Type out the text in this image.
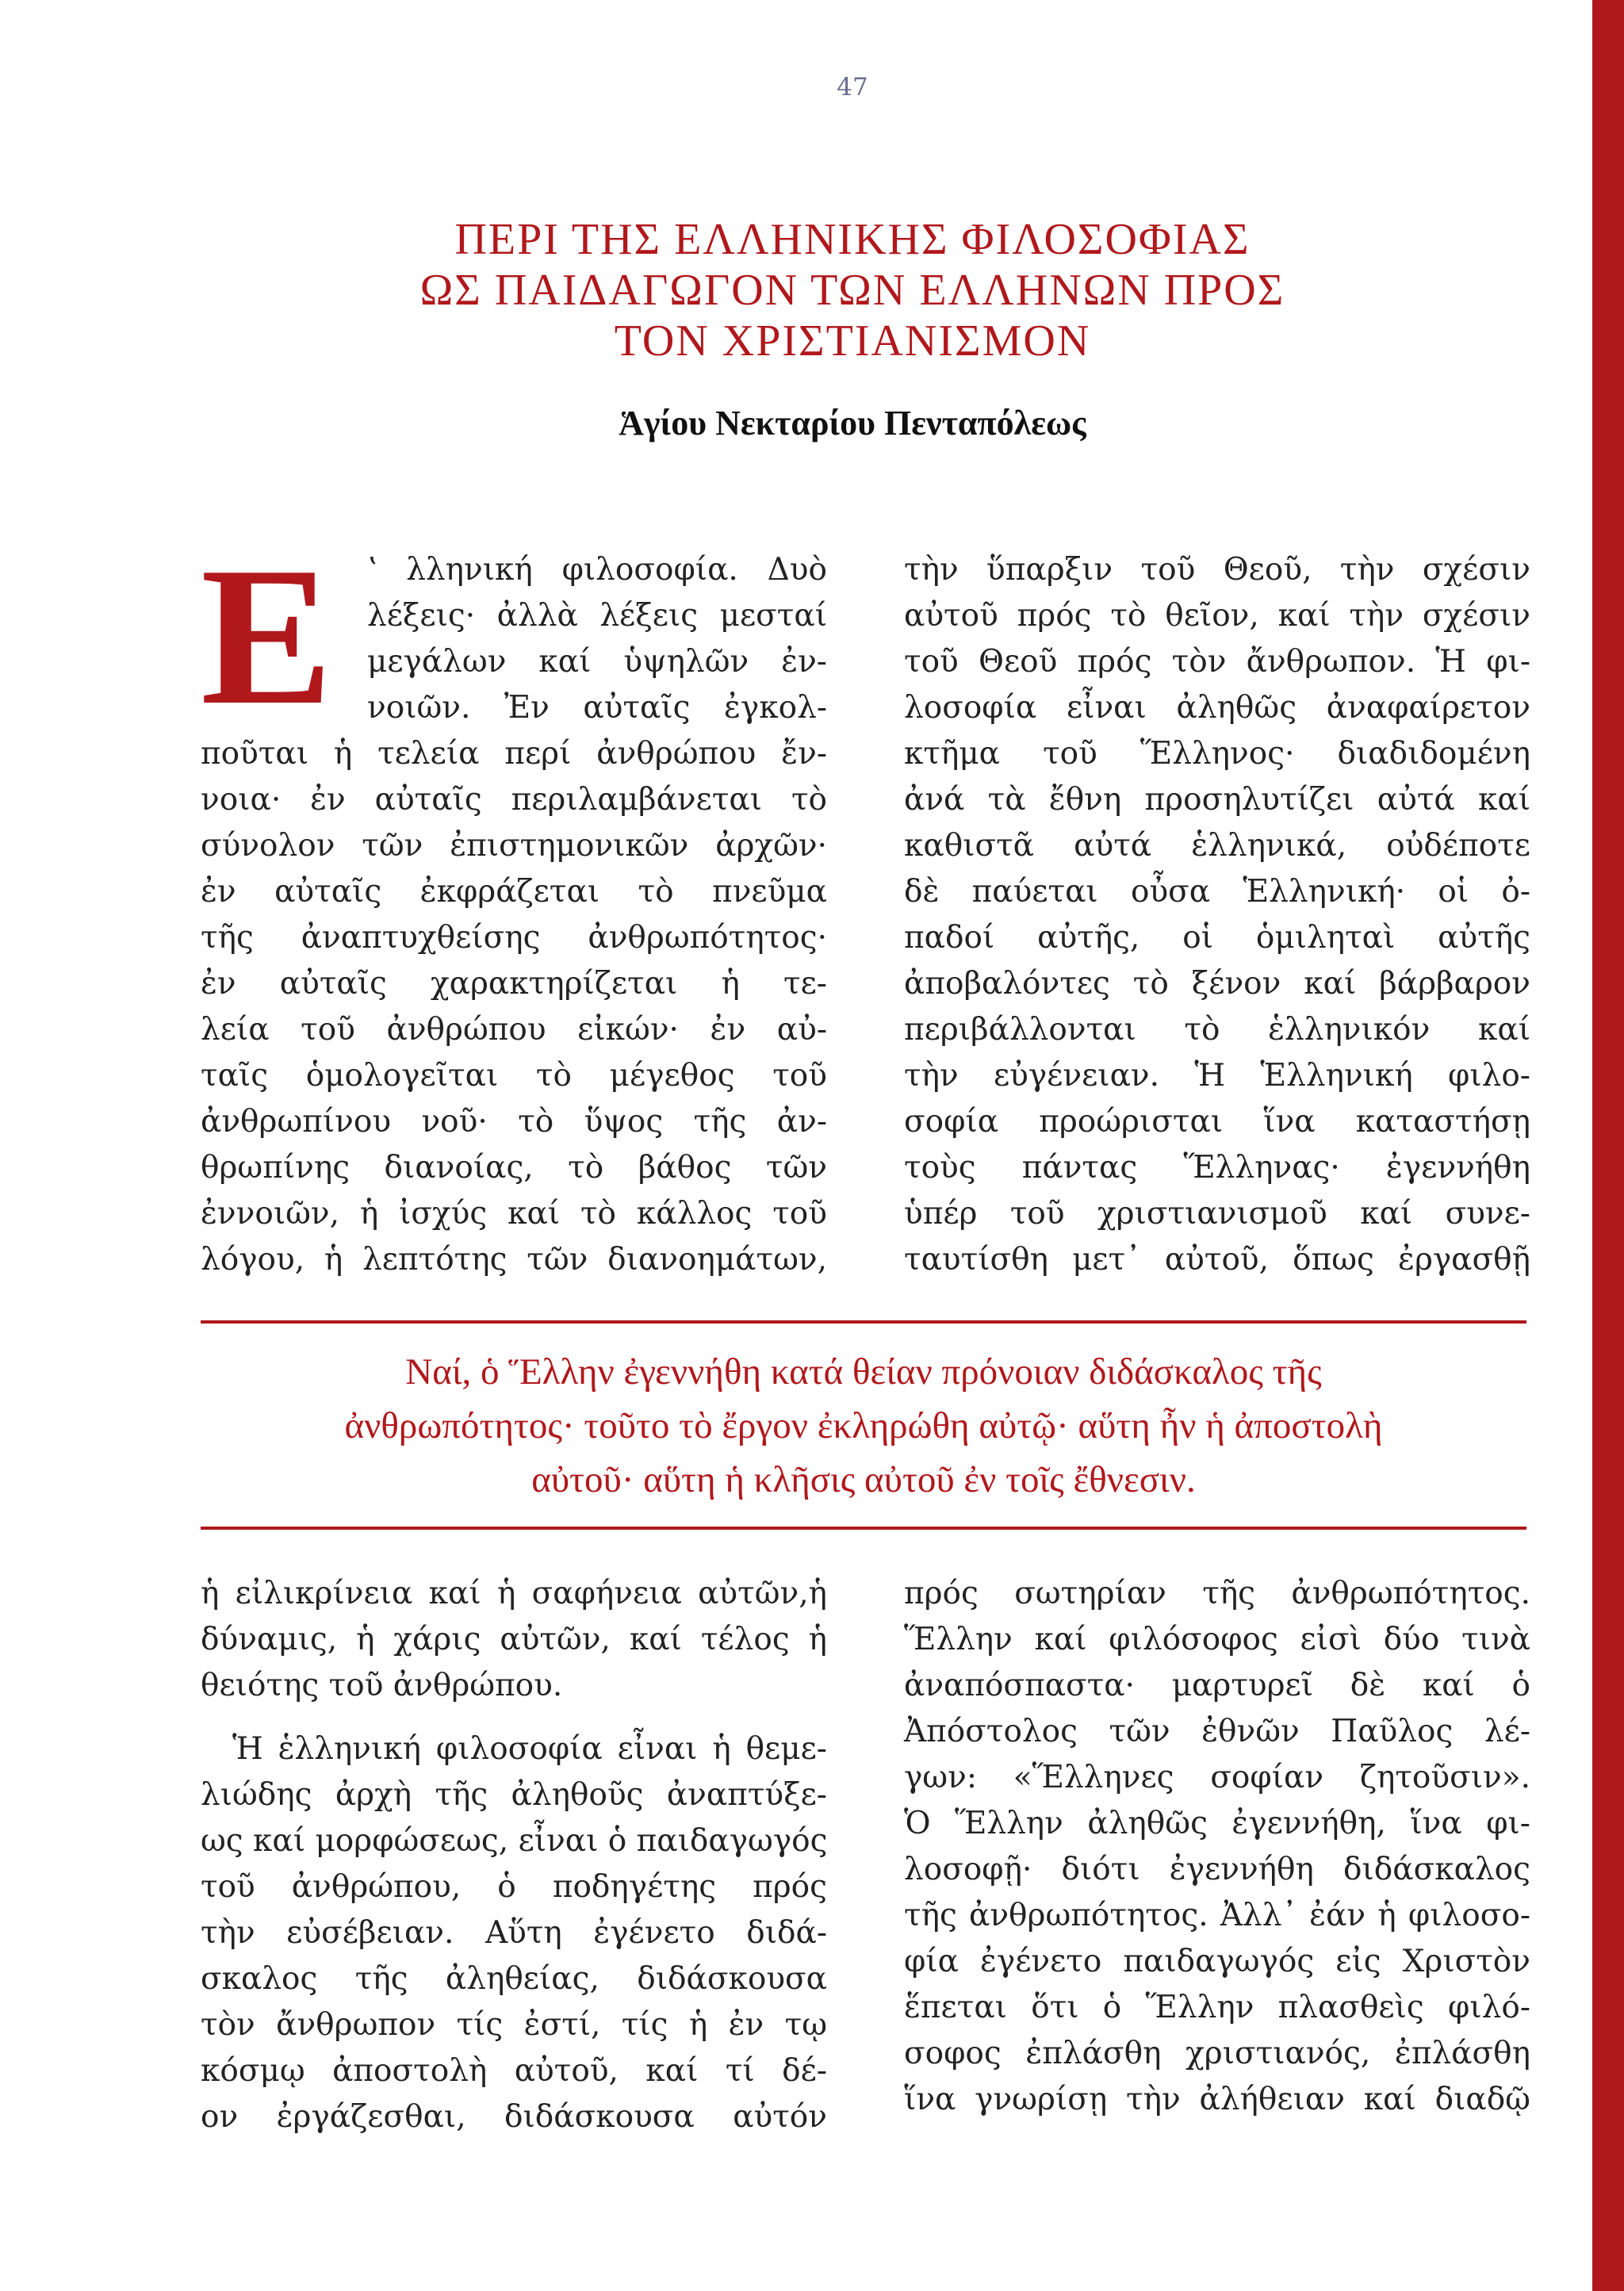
47
ΠΕΡΙ ΤΗΣ ΕΛΛΗΝΙΚΗΣ ΦΙΛΟΣΟΦΙΑΣ
ΩΣ ΠΑΙΔΑΓΩΓΟΝ ΤΩΝ ΕΛΛΗΝΩΝ ΠΡΟΣ
ΤΟΝ ΧΡΙΣΤΙΑΝΙΣΜΟΝ
Ἁγίου Νεκταρίου Πενταπόλεως
Ε	ʽ λληνική φιλοσοφία. Δυὸ
λέξεις· ἀλλὰ λέξεις μεσταί
μεγάλων καί ὑψηλῶν ἐν-
νοιῶν. Ἐν αὐταῖς ἐγκολ-
ποῦται ἡ τελεία περί ἀνθρώπου ἔν-
νοια· ἐν αὐταῖς περιλαμβάνεται τὸ
σύνολον τῶν ἐπιστημονικῶν ἀρχῶν·
ἐν αὐταῖς ἐκφράζεται τὸ πνεῦμα
τῆς ἀναπτυχθείσης ἀνθρωπότητος·
ἐν αὐταῖς χαρακτηρίζεται ἡ τε-
λεία τοῦ ἀνθρώπου εἰκών· ἐν αὐ-
ταῖς ὁμολογεῖται τὸ μέγεθος τοῦ
ἀνθρωπίνου νοῦ· τὸ ὕψος τῆς ἀν-
θρωπίνης διανοίας, τὸ βάθος τῶν
ἐννοιῶν, ἡ ἰσχύς καί τὸ κάλλος τοῦ
λόγου, ἡ λεπτότης τῶν διανοημάτων,
τὴν ὕπαρξιν τοῦ Θεοῦ, τὴν σχέσιν
αὐτοῦ πρός τὸ θεῖον, καί τὴν σχέσιν
τοῦ Θεοῦ πρός τὸν ἄνθρωπον. Ἡ φι-
λοσοφία εἶναι ἀληθῶς ἀναφαίρετον
κτῆμα τοῦ Ἕλληνος· διαδιδομένη
ἀνά τὰ ἔθνη προσηλυτίζει αὐτά καί
καθιστᾶ αὐτά ἑλληνικά, οὐδέποτε
δὲ παύεται οὖσα Ἑλληνική· οἱ ὀ-
παδοί αὐτῆς, οἱ ὁμιληταὶ αὐτῆς
ἀποβαλόντες τὸ ξένον καί βάρβαρον
περιβάλλονται τὸ ἑλληνικόν καί
τὴν εὐγένειαν. Ἡ Ἑλληνική φιλο-
σοφία προώρισται ἵνα καταστήσῃ
τοὺς πάντας Ἕλληνας· ἐγεννήθη
ὑπέρ τοῦ χριστιανισμοῦ καί συνε-
ταυτίσθη μετ᾽ αὐτοῦ, ὅπως ἐργασθῇ
Ναί, ὁ Ἕλλην ἐγεννήθη κατά θείαν πρόνοιαν διδάσκαλος τῆς
ἀνθρωπότητος· τοῦτο τὸ ἔργον ἐκληρώθη αὐτῷ· αὕτη ἦν ἡ ἀποστολὴ
αὐτοῦ· αὕτη ἡ κλῆσις αὐτοῦ ἐν τοῖς ἔθνεσιν.
ἡ εἰλικρίνεια καί ἡ σαφήνεια αὐτῶν,ἡ
δύναμις, ἡ χάρις αὐτῶν, καί τέλος ἡ
θειότης τοῦ ἀνθρώπου.
Ἡ ἑλληνική φιλοσοφία εἶναι ἡ θεμε-
λιώδης ἀρχὴ τῆς ἀληθοῦς ἀναπτύξε-
ως καί μορφώσεως, εἶναι ὁ παιδαγωγός
τοῦ ἀνθρώπου, ὁ ποδηγέτης πρός
τὴν εὐσέβειαν. Αὕτη ἐγένετο διδά-
σκαλος τῆς ἀληθείας, διδάσκουσα
τὸν ἄνθρωπον τίς ἐστί, τίς ἡ ἐν τῳ
κόσμῳ ἀποστολὴ αὐτοῦ, καί τί δέ-
ον ἐργάζεσθαι, διδάσκουσα αὐτόν
πρός σωτηρίαν τῆς ἀνθρωπότητος.
Ἕλλην καί φιλόσοφος εἰσὶ δύο τινὰ
ἀναπόσπαστα· μαρτυρεῖ δὲ καί ὁ
Ἀπόστολος τῶν ἐθνῶν Παῦλος λέ-
γων: «Ἕλληνες σοφίαν ζητοῦσιν».
Ὁ Ἕλλην ἀληθῶς ἐγεννήθη, ἵνα φι-
λοσοφῇ· διότι ἐγεννήθη διδάσκαλος
τῆς ἀνθρωπότητος. Ἀλλ᾽ ἐάν ἡ φιλοσο-
φία ἐγένετο παιδαγωγός εἰς Χριστὸν
ἕπεται ὅτι ὁ Ἕλλην πλασθεὶς φιλό-
σοφος ἐπλάσθη χριστιανός, ἐπλάσθη
ἵνα γνωρίσῃ τὴν ἀλήθειαν καί διαδῷ
